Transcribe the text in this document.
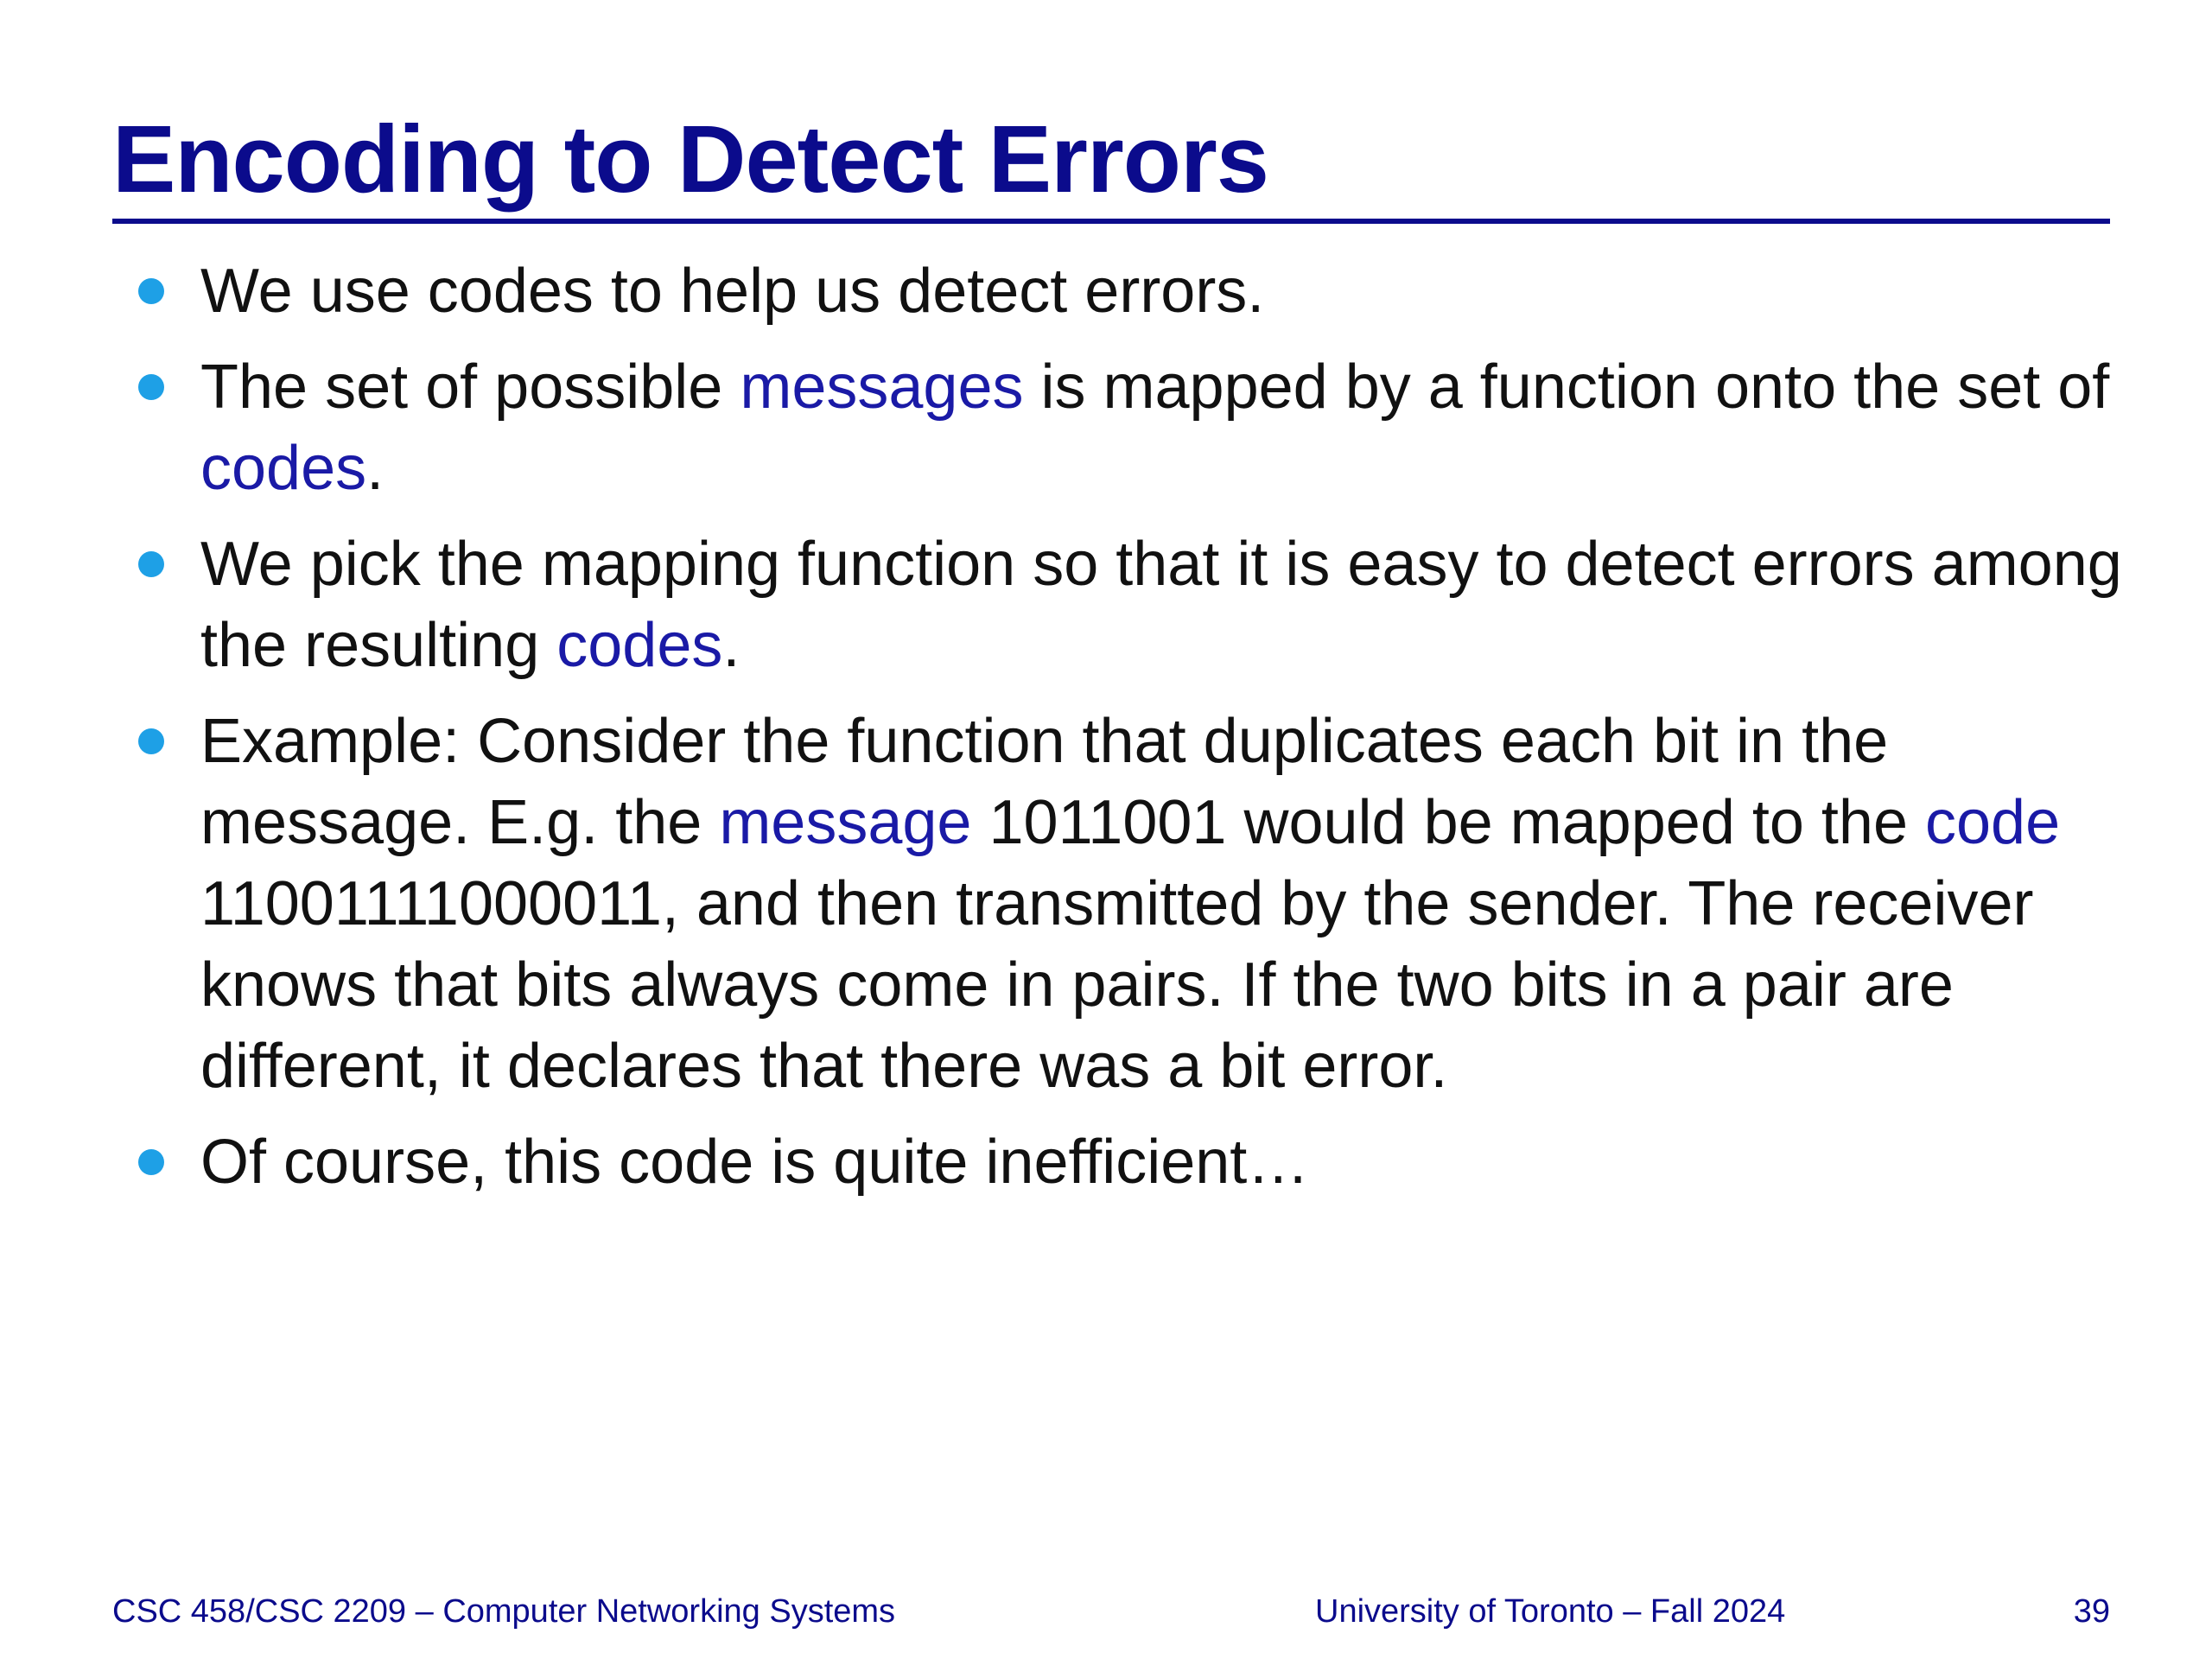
Encoding to Detect Errors
We use codes to help us detect errors.
The set of possible messages is mapped by a function onto the set of codes.
We pick the mapping function so that it is easy to detect errors among the resulting codes.
Example: Consider the function that duplicates each bit in the message. E.g. the message 1011001 would be mapped to the code 11001111000011, and then transmitted by the sender. The receiver knows that bits always come in pairs. If the two bits in a pair are different, it declares that there was a bit error.
Of course, this code is quite inefficient…
CSC 458/CSC 2209 – Computer Networking Systems	University of Toronto – Fall 2024	39
